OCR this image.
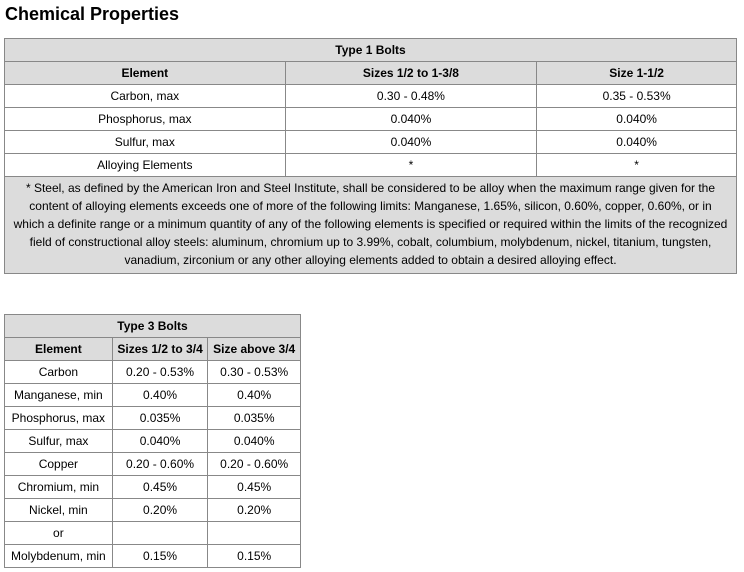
Chemical Properties
Type 1 Bolts		
Element	Sizes 1/2 to 1-3/8	Size 1-1/2
Carbon, max	0.30 - 0.48%	0.35 - 0.53%
Phosphorus, max	0.040%	0.040%
Sulfur, max	0.040%	0.040%
Alloying Elements	*	*
* Steel, as defined by the American Iron and Steel Institute, shall be considered to be alloy when the maximum range given for the content of alloying elements exceeds one of more of the following limits: Manganese, 1.65%, silicon, 0.60%, copper, 0.60%, or in which a definite range or a minimum quantity of any of the following elements is specified or required within the limits of the recognized field of constructional alloy steels: aluminum, chromium up to 3.99%, cobalt, columbium, molybdenum, nickel, titanium, tungsten, vanadium, zirconium or any other alloying elements added to obtain a desired alloying effect.		
Type 3 Bolts		
Element	Sizes 1/2 to 3/4	Size above 3/4
Carbon	0.20 - 0.53%	0.30 - 0.53%
Manganese, min	0.40%	0.40%
Phosphorus, max	0.035%	0.035%
Sulfur, max	0.040%	0.040%
Copper	0.20 - 0.60%	0.20 - 0.60%
Chromium, min	0.45%	0.45%
Nickel, min	0.20%	0.20%
or		
Molybdenum, min	0.15%	0.15%
